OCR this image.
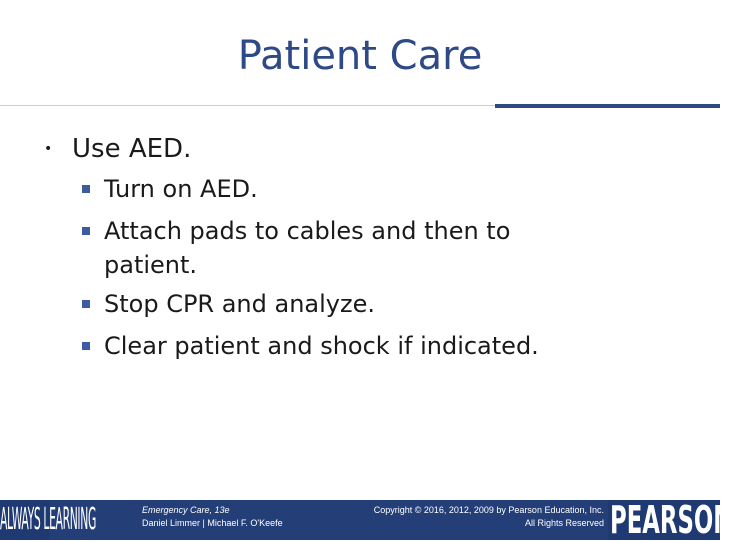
Patient Care
• Use AED.
Turn on AED.
Attach pads to cables and then to patient.
Stop CPR and analyze.
Clear patient and shock if indicated.
ALWAYS LEARNING	Emergency Care, 13e
Daniel Limmer | Michael F. O'Keefe
Copyright © 2016, 2012, 2009 by Pearson Education, Inc.
All Rights Reserved PEARSON
